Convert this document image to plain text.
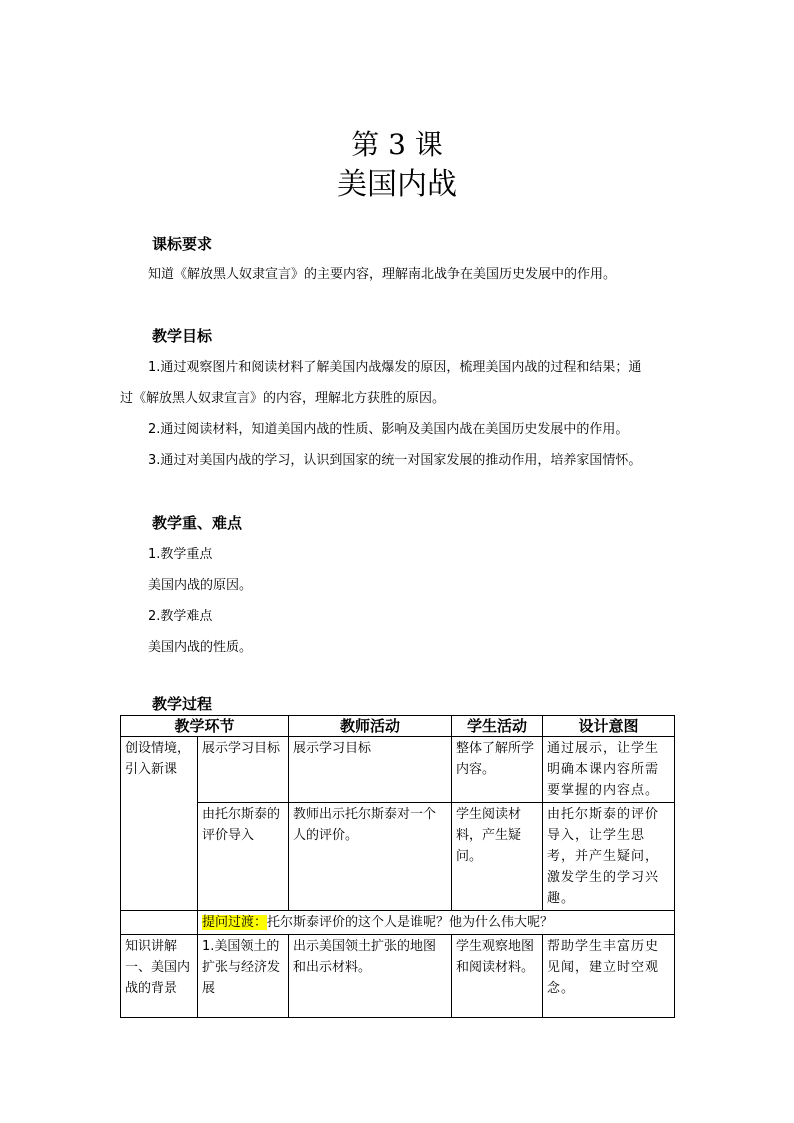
第 3 课
美国内战
课标要求
知道《解放黑人奴隶宣言》的主要内容，理解南北战争在美国历史发展中的作用。
教学目标
1.通过观察图片和阅读材料了解美国内战爆发的原因，梳理美国内战的过程和结果；通
过《解放黑人奴隶宣言》的内容，理解北方获胜的原因。
2.通过阅读材料，知道美国内战的性质、影响及美国内战在美国历史发展中的作用。
3.通过对美国内战的学习，认识到国家的统一对国家发展的推动作用，培养家国情怀。
教学重、难点
1.教学重点
美国内战的原因。
2.教学难点
美国内战的性质。
教学过程
教学环节		教师活动	学生活动	设计意图
创设情境，引入新课	展示学习目标	展示学习目标	整体了解所学内容。	通过展示，让学生明确本课内容所需要掌握的内容点。
	由托尔斯泰的评价导入	教师出示托尔斯泰对一个人的评价。	学生阅读材料，产生疑问。	由托尔斯泰的评价导入，让学生思考，并产生疑问，激发学生的学习兴趣。
	提问过渡：托尔斯泰评价的这个人是谁呢？他为什么伟大呢？			
知识讲解一、美国内战的背景	1.美国领土的扩张与经济发展	出示美国领土扩张的地图和出示材料。	学生观察地图和阅读材料。	帮助学生丰富历史见闻，建立时空观念。
